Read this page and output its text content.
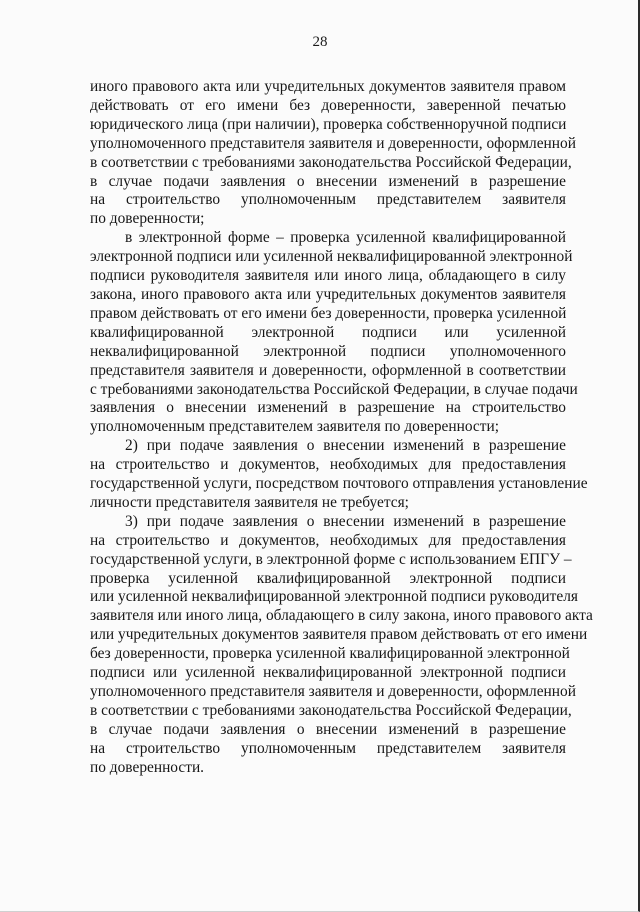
28
иного правового акта или учредительных документов заявителя правом
действовать от его имени без доверенности, заверенной печатью
юридического лица (при наличии), проверка собственноручной подписи
уполномоченного представителя заявителя и доверенности, оформленной
в соответствии с требованиями законодательства Российской Федерации,
в случае подачи заявления о внесении изменений в разрешение
на строительство уполномоченным представителем заявителя
по доверенности;
в электронной форме – проверка усиленной квалифицированной
электронной подписи или усиленной неквалифицированной электронной
подписи руководителя заявителя или иного лица, обладающего в силу
закона, иного правового акта или учредительных документов заявителя
правом действовать от его имени без доверенности, проверка усиленной
квалифицированной электронной подписи или усиленной
неквалифицированной электронной подписи уполномоченного
представителя заявителя и доверенности, оформленной в соответствии
с требованиями законодательства Российской Федерации, в случае подачи
заявления о внесении изменений в разрешение на строительство
уполномоченным представителем заявителя по доверенности;
2) при подаче заявления о внесении изменений в разрешение
на строительство и документов, необходимых для предоставления
государственной услуги, посредством почтового отправления установление
личности представителя заявителя не требуется;
3) при подаче заявления о внесении изменений в разрешение
на строительство и документов, необходимых для предоставления
государственной услуги, в электронной форме с использованием ЕПГУ –
проверка усиленной квалифицированной электронной подписи
или усиленной неквалифицированной электронной подписи руководителя
заявителя или иного лица, обладающего в силу закона, иного правового акта
или учредительных документов заявителя правом действовать от его имени
без доверенности, проверка усиленной квалифицированной электронной
подписи или усиленной неквалифицированной электронной подписи
уполномоченного представителя заявителя и доверенности, оформленной
в соответствии с требованиями законодательства Российской Федерации,
в случае подачи заявления о внесении изменений в разрешение
на строительство уполномоченным представителем заявителя
по доверенности.
